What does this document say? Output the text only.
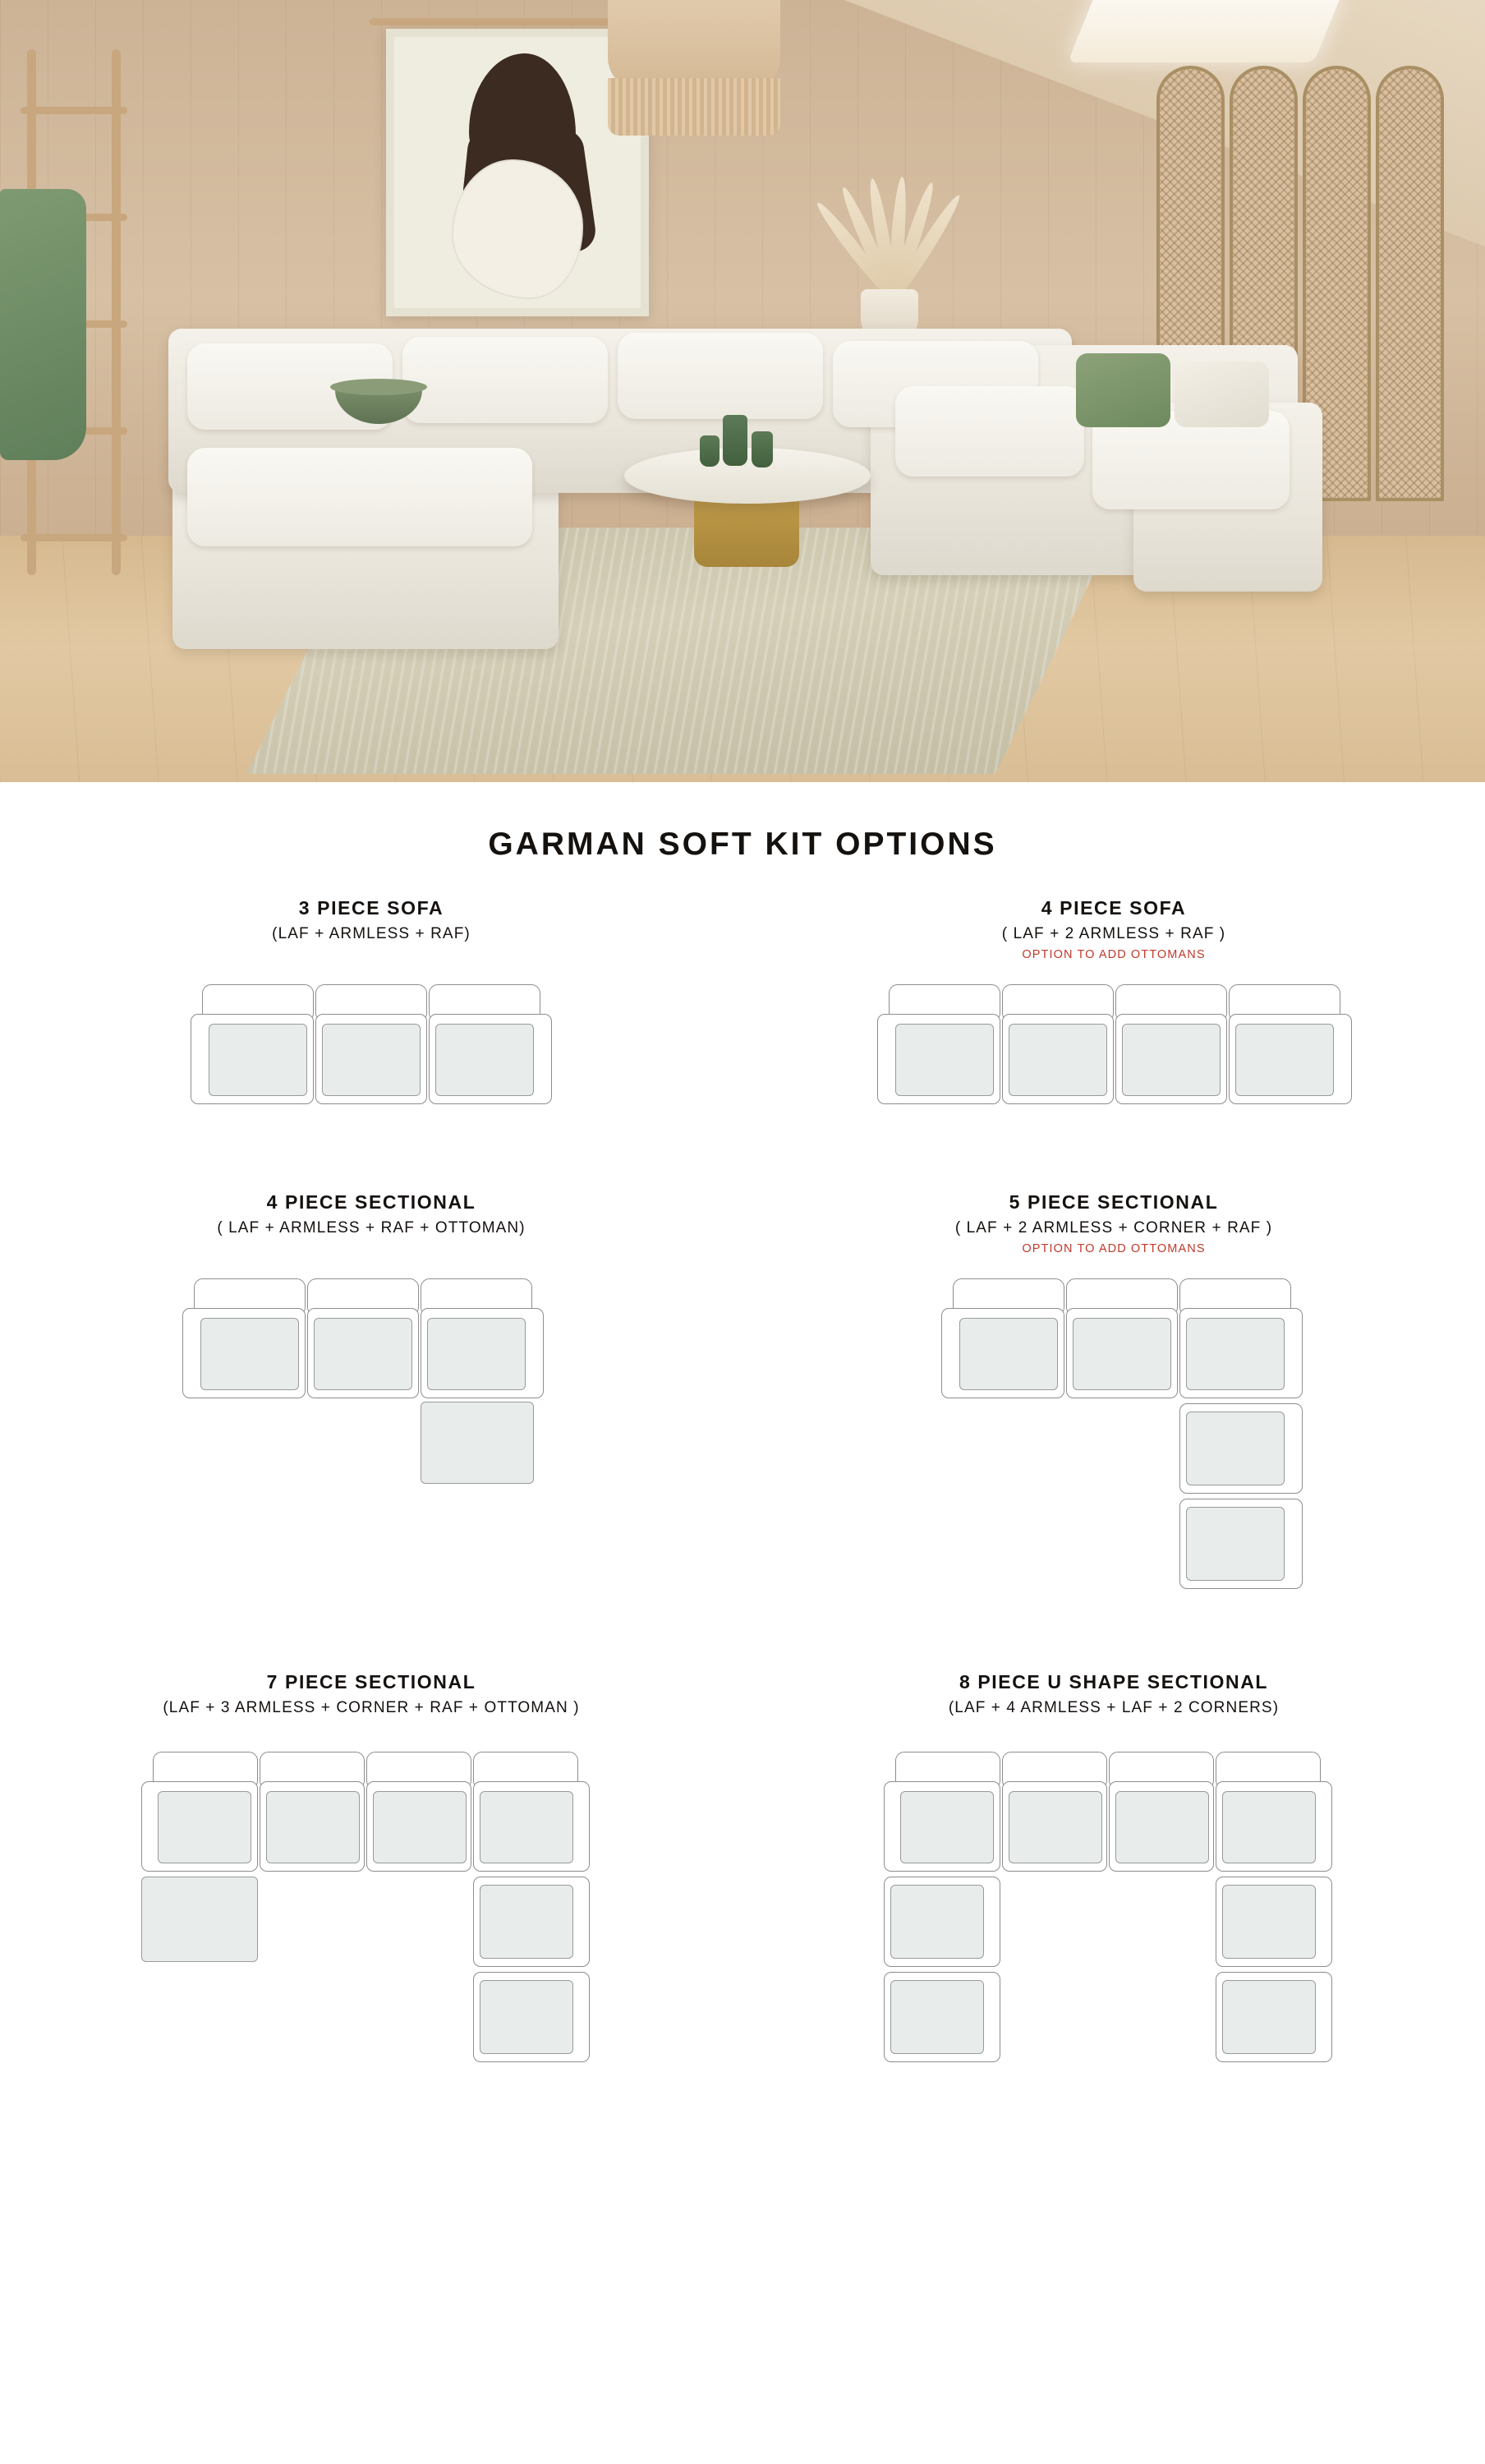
GARMAN SOFT KIT OPTIONS

3 PIECE SOFA

(LAF + ARMLESS + RAF)

4 PIECE SOFA

( LAF + 2 ARMLESS + RAF )

OPTION TO ADD OTTOMANS

4 PIECE SECTIONAL

( LAF + ARMLESS + RAF + OTTOMAN)

5 PIECE SECTIONAL

( LAF + 2 ARMLESS + CORNER + RAF )

OPTION TO ADD OTTOMANS

7 PIECE SECTIONAL

(LAF + 3 ARMLESS + CORNER + RAF + OTTOMAN )

8 PIECE U SHAPE SECTIONAL

(LAF + 4 ARMLESS + LAF + 2 CORNERS)
